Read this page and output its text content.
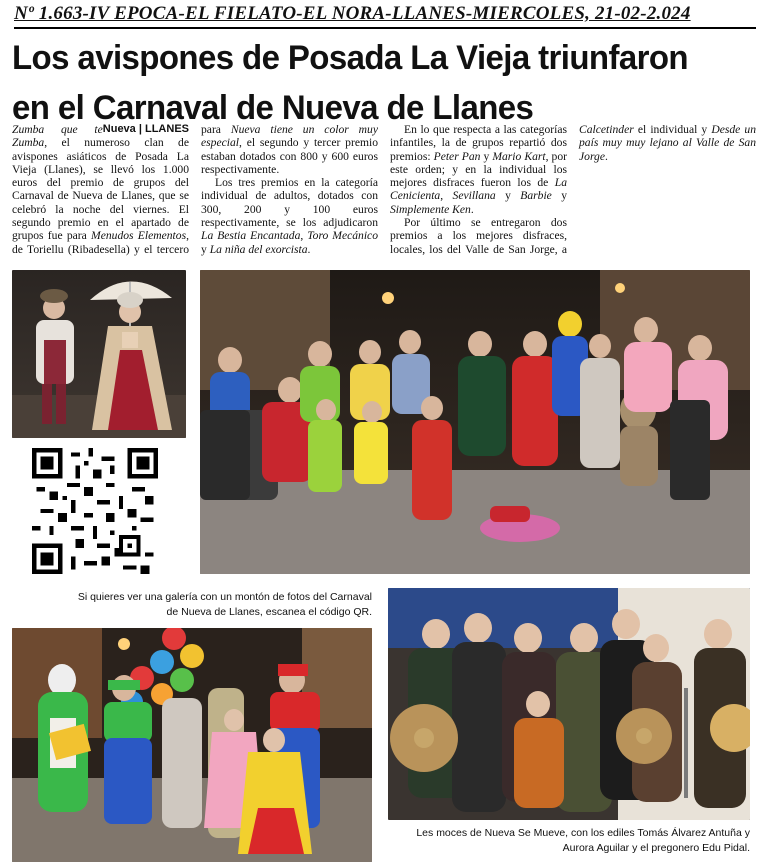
Nº 1.663-IV EPOCA-EL FIELATO-EL NORA-LLANES-MIERCOLES, 21-02-2.024
Los avispones de Posada La Vieja triunfaron
en el Carnaval de Nueva de Llanes

Nueva | LLANES
Zumba que te Zumba, el numeroso clan de avispones asiáticos de Posada La Vieja (Llanes), se llevó los 1.000 euros del premio de grupos del Carnaval de Nueva de Llanes, que se celebró la noche del viernes. El segundo premio en el apartado de grupos fue para Menudos Elementos, de Toriellu (Ribadesella) y el tercero para Nueva tiene un color muy especial, el segundo y tercer premio estaban dotados con 800 y 600 euros respectivamente.

Los tres premios en la categoría individual de adultos, dotados con 300, 200 y 100 euros respectivamente, se los adjudicaron La Bestia Encantada, Toro Mecánico y La niña del exorcista.

En lo que respecta a las categorías infantiles, la de grupos repartió dos premios: Peter Pan y Mario Kart, por este orden; y en la individual los mejores disfraces fueron los de La Cenicienta, Sevillana y Barbie y Simplemente Ken.

Por último se entregaron dos premios a los mejores disfraces, locales, los del Valle de San Jorge, a Calcetinder el individual y Desde un país muy muy lejano al Valle de San Jorge.

Si quieres ver una galería con un montón de fotos del Carnaval
de Nueva de Llanes, escanea el código QR.
Les moces de Nueva Se Mueve, con los ediles Tomás Álvarez Antuña y
Aurora Aguilar y el pregonero Edu Pidal.
